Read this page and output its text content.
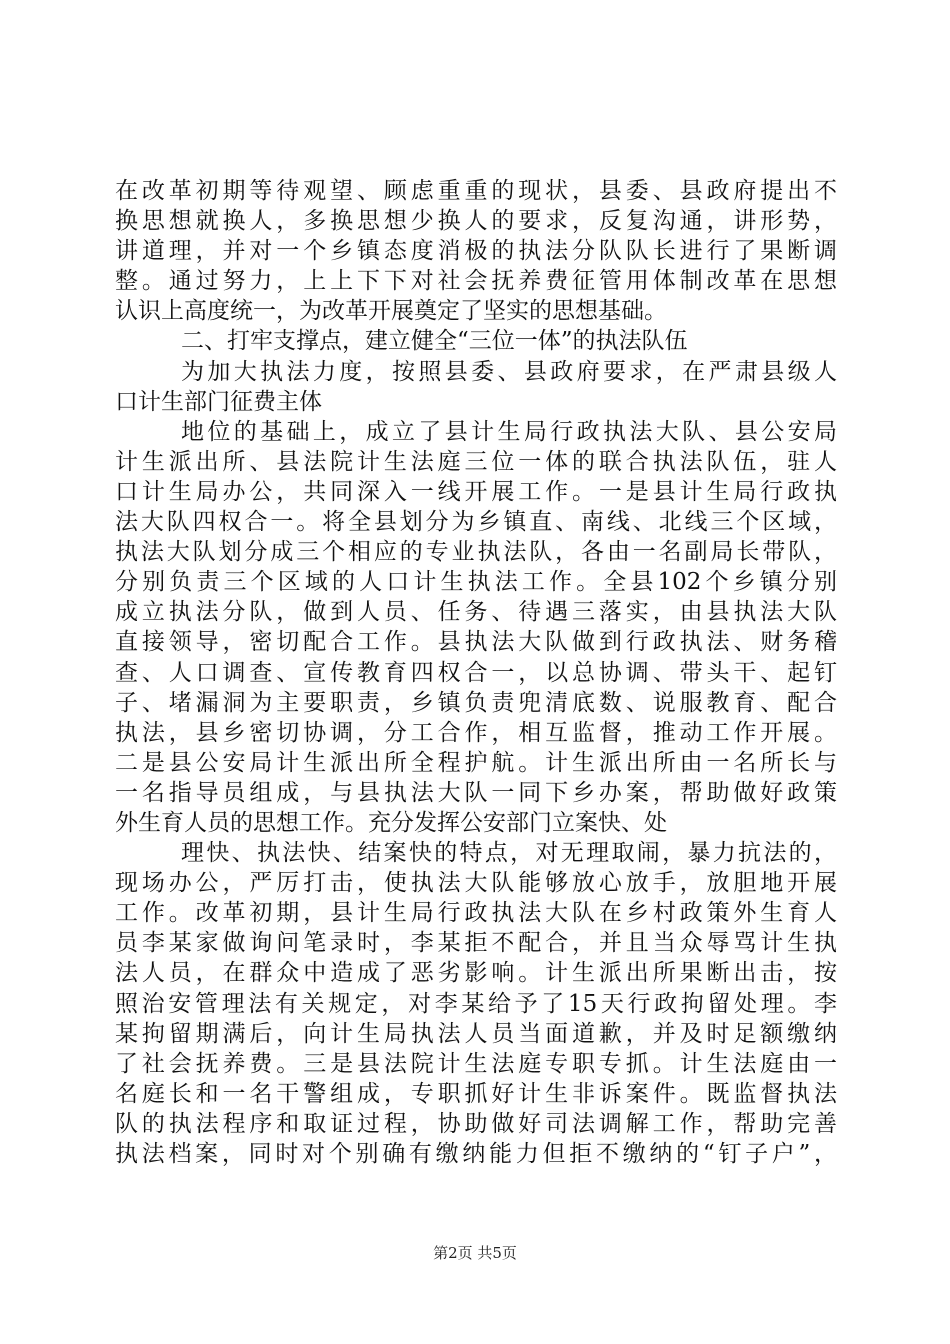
在改革初期等待观望、顾虑重重的现状，县委、县政府提出不
换思想就换人，多换思想少换人的要求，反复沟通，讲形势，
讲道理，并对一个乡镇态度消极的执法分队队长进行了果断调
整。通过努力，上上下下对社会抚养费征管用体制改革在思想
认识上高度统一，为改革开展奠定了坚实的思想基础。
二、打牢支撑点，建立健全“三位一体”的执法队伍
为加大执法力度，按照县委、县政府要求，在严肃县级人
口计生部门征费主体
地位的基础上，成立了县计生局行政执法大队、县公安局
计生派出所、县法院计生法庭三位一体的联合执法队伍，驻人
口计生局办公，共同深入一线开展工作。一是县计生局行政执
法大队四权合一。将全县划分为乡镇直、南线、北线三个区域，
执法大队划分成三个相应的专业执法队，各由一名副局长带队，
分别负责三个区域的人口计生执法工作。全县102个乡镇分别
成立执法分队，做到人员、任务、待遇三落实，由县执法大队
直接领导，密切配合工作。县执法大队做到行政执法、财务稽
查、人口调查、宣传教育四权合一，以总协调、带头干、起钉
子、堵漏洞为主要职责，乡镇负责兜清底数、说服教育、配合
执法，县乡密切协调，分工合作，相互监督，推动工作开展。
二是县公安局计生派出所全程护航。计生派出所由一名所长与
一名指导员组成，与县执法大队一同下乡办案，帮助做好政策
外生育人员的思想工作。充分发挥公安部门立案快、处
理快、执法快、结案快的特点，对无理取闹，暴力抗法的，
现场办公，严厉打击，使执法大队能够放心放手，放胆地开展
工作。改革初期，县计生局行政执法大队在乡村政策外生育人
员李某家做询问笔录时，李某拒不配合，并且当众辱骂计生执
法人员，在群众中造成了恶劣影响。计生派出所果断出击，按
照治安管理法有关规定，对李某给予了15天行政拘留处理。李
某拘留期满后，向计生局执法人员当面道歉，并及时足额缴纳
了社会抚养费。三是县法院计生法庭专职专抓。计生法庭由一
名庭长和一名干警组成，专职抓好计生非诉案件。既监督执法
队的执法程序和取证过程，协助做好司法调解工作，帮助完善
执法档案，同时对个别确有缴纳能力但拒不缴纳的“钉子户”，
第2页 共5页
